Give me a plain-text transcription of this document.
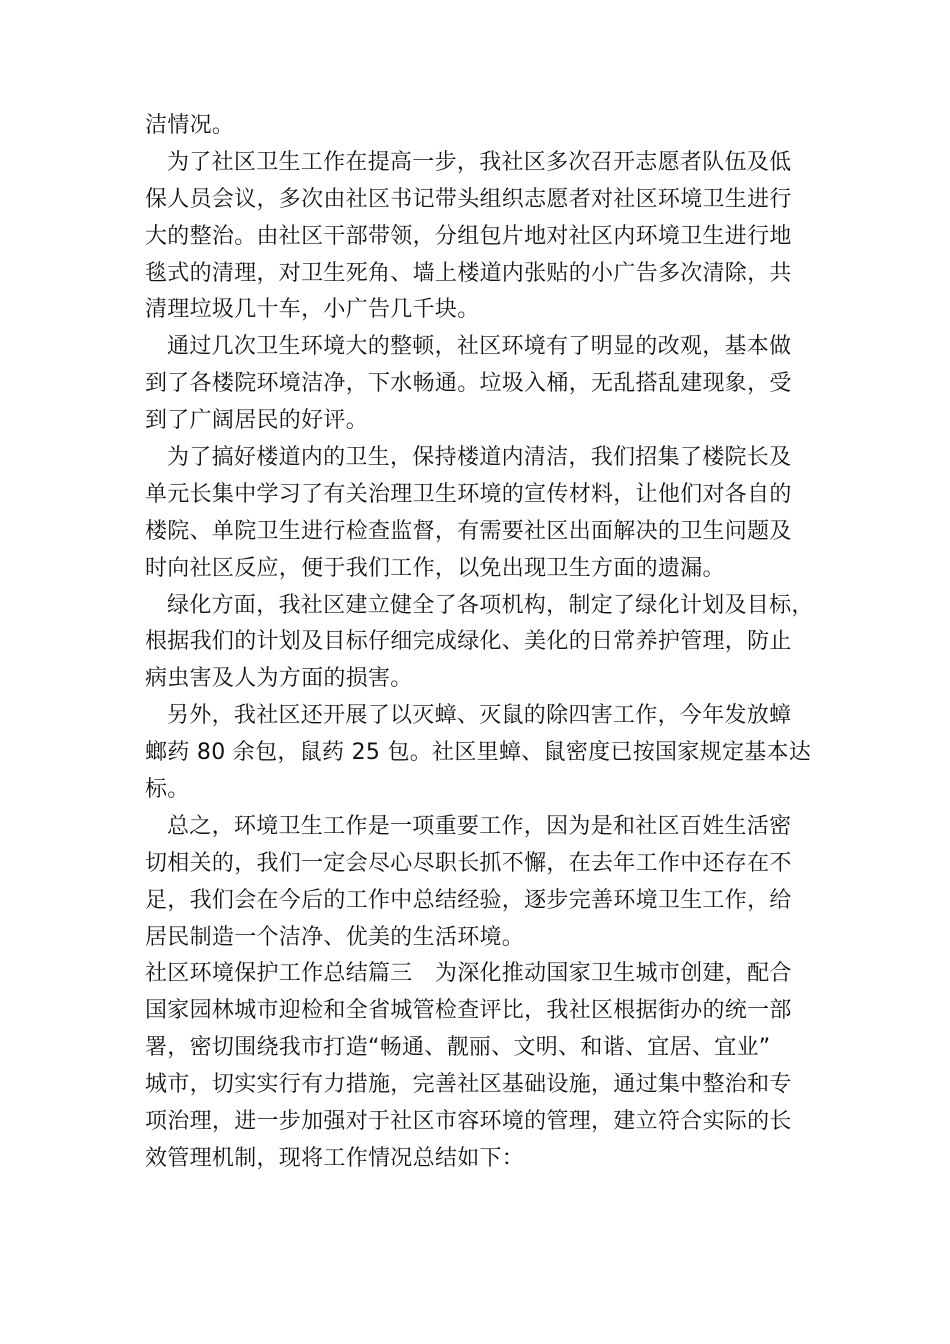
洁情况。
为了社区卫生工作在提高一步，我社区多次召开志愿者队伍及低
保人员会议，多次由社区书记带头组织志愿者对社区环境卫生进行
大的整治。由社区干部带领，分组包片地对社区内环境卫生进行地
毯式的清理，对卫生死角、墙上楼道内张贴的小广告多次清除，共
清理垃圾几十车，小广告几千块。
通过几次卫生环境大的整顿，社区环境有了明显的改观，基本做
到了各楼院环境洁净，下水畅通。垃圾入桶，无乱搭乱建现象，受
到了广阔居民的好评。
为了搞好楼道内的卫生，保持楼道内清洁，我们招集了楼院长及
单元长集中学习了有关治理卫生环境的宣传材料，让他们对各自的
楼院、单院卫生进行检查监督，有需要社区出面解决的卫生问题及
时向社区反应，便于我们工作，以免出现卫生方面的遗漏。
绿化方面，我社区建立健全了各项机构，制定了绿化计划及目标，
根据我们的计划及目标仔细完成绿化、美化的日常养护管理，防止
病虫害及人为方面的损害。
另外，我社区还开展了以灭蟑、灭鼠的除四害工作，今年发放蟑
螂药 80 余包，鼠药 25 包。社区里蟑、鼠密度已按国家规定基本达
标。
总之，环境卫生工作是一项重要工作，因为是和社区百姓生活密
切相关的，我们一定会尽心尽职长抓不懈，在去年工作中还存在不
足，我们会在今后的工作中总结经验，逐步完善环境卫生工作，给
居民制造一个洁净、优美的生活环境。
社区环境保护工作总结篇三　为深化推动国家卫生城市创建，配合
国家园林城市迎检和全省城管检查评比，我社区根据街办的统一部
署，密切围绕我市打造“畅通、靓丽、文明、和谐、宜居、宜业”
城市，切实实行有力措施，完善社区基础设施，通过集中整治和专
项治理，进一步加强对于社区市容环境的管理，建立符合实际的长
效管理机制，现将工作情况总结如下：
